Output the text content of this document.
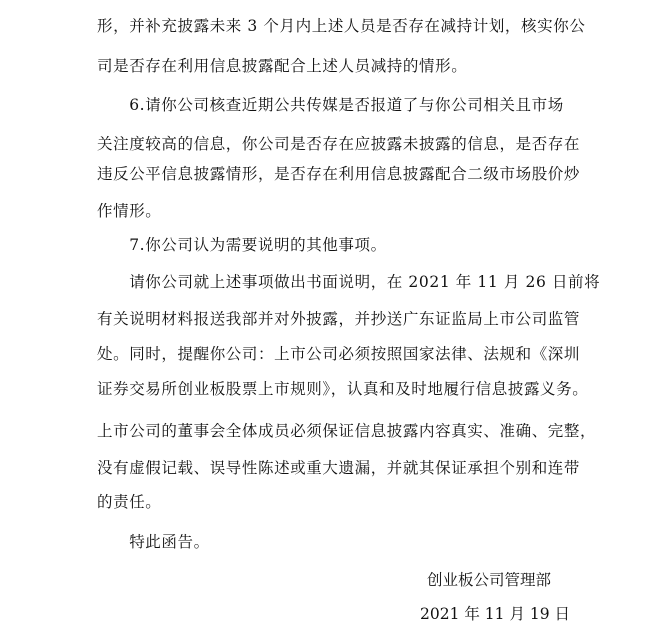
形，并补充披露未来 3 个月内上述人员是否存在减持计划，核实你公
司是否存在利用信息披露配合上述人员减持的情形。
　　6.请你公司核查近期公共传媒是否报道了与你公司相关且市场
关注度较高的信息，你公司是否存在应披露未披露的信息，是否存在
违反公平信息披露情形，是否存在利用信息披露配合二级市场股价炒
作情形。
　　7.你公司认为需要说明的其他事项。
　　请你公司就上述事项做出书面说明，在 2021 年 11 月 26 日前将
有关说明材料报送我部并对外披露，并抄送广东证监局上市公司监管
处。同时，提醒你公司：上市公司必须按照国家法律、法规和《深圳
证券交易所创业板股票上市规则》，认真和及时地履行信息披露义务。
上市公司的董事会全体成员必须保证信息披露内容真实、准确、完整，
没有虚假记载、误导性陈述或重大遗漏，并就其保证承担个别和连带
的责任。
　　特此函告。
创业板公司管理部
2021 年 11 月 19 日
